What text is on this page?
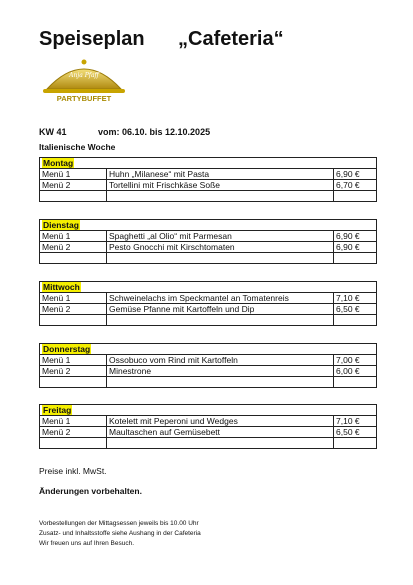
Speiseplan „Cafeteria“
Anja Pfaff
PARTYBUFFET
KW 41	vom: 06.10. bis 12.10.2025
Italienische Woche
Montag		
Menü 1	Huhn „Milanese“ mit Pasta	6,90 €
Menü 2	Tortellini mit Frischkäse Soße	6,70 €

Dienstag		
Menü 1	Spaghetti „al Olio“ mit Parmesan	6,90 €
Menü 2	Pesto Gnocchi mit Kirschtomaten	6,90 €

Mittwoch		
Menü 1	Schweinelachs im Speckmantel an Tomatenreis	7,10 €
Menü 2	Gemüse Pfanne mit Kartoffeln und Dip	6,50 €

Donnerstag		
Menü 1	Ossobuco vom Rind mit Kartoffeln	7,00 €
Menü 2	Minestrone	6,00 €

Freitag		
Menü 1	Kotelett mit Peperoni und Wedges	7,10 €
Menü 2	Maultaschen auf Gemüsebett	6,50 €

Preise inkl. MwSt.
Änderungen vorbehalten.
Vorbestellungen der Mittagsessen jeweils bis 10.00 Uhr
Zusatz- und Inhaltsstoffe siehe Aushang in der Cafeteria
Wir freuen uns auf Ihren Besuch.
